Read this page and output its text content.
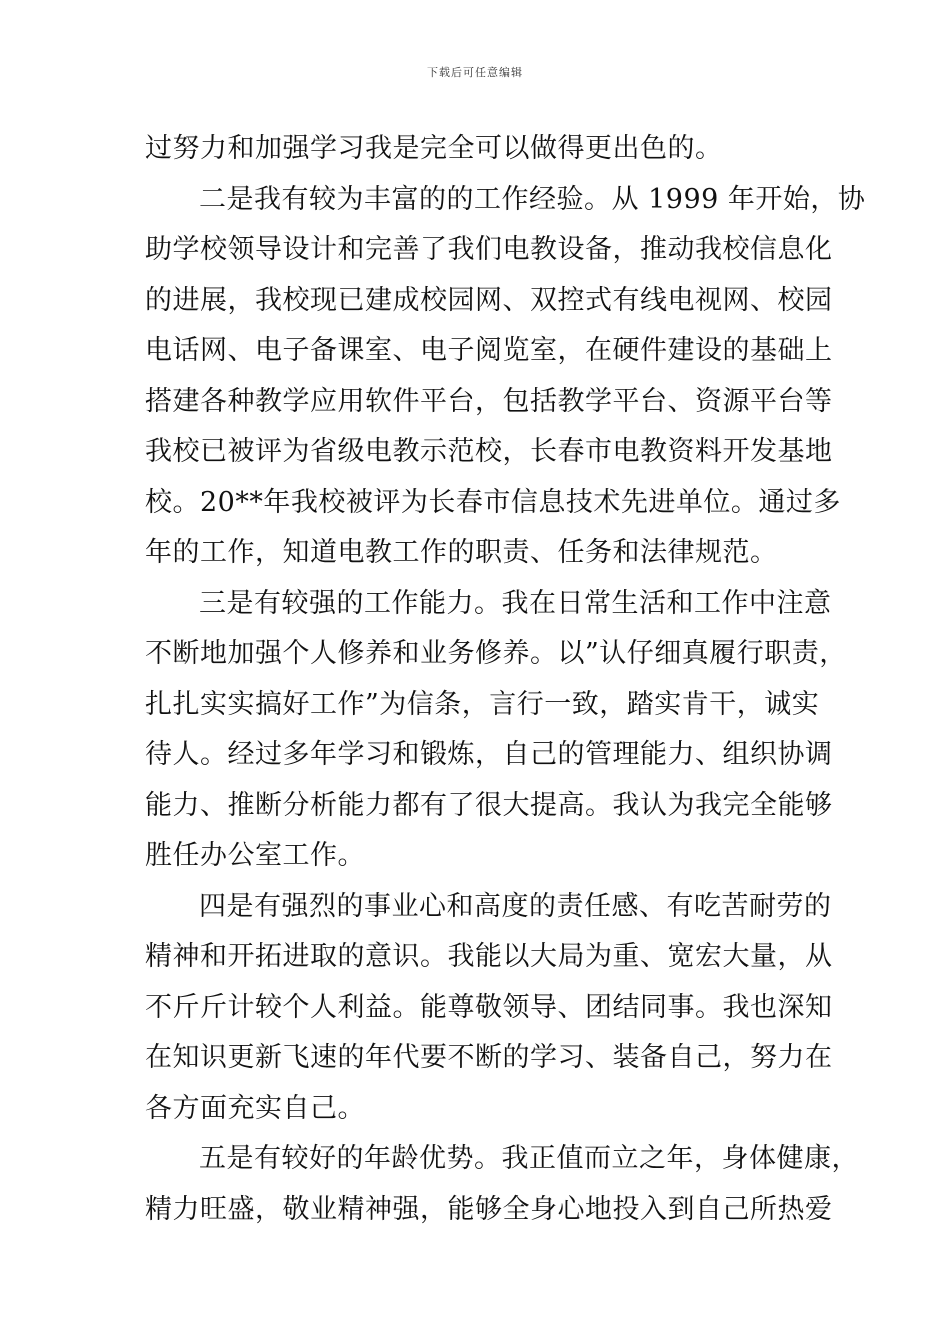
下载后可任意编辑
过努力和加强学习我是完全可以做得更出色的。
二是我有较为丰富的的工作经验。从 1999 年开始，协
助学校领导设计和完善了我们电教设备，推动我校信息化
的进展，我校现已建成校园网、双控式有线电视网、校园
电话网、电子备课室、电子阅览室，在硬件建设的基础上
搭建各种教学应用软件平台，包括教学平台、资源平台等
我校已被评为省级电教示范校，长春市电教资料开发基地
校。20**年我校被评为长春市信息技术先进单位。通过多
年的工作，知道电教工作的职责、任务和法律规范。
三是有较强的工作能力。我在日常生活和工作中注意
不断地加强个人修养和业务修养。以”认仔细真履行职责，
扎扎实实搞好工作”为信条，言行一致，踏实肯干，诚实
待人。经过多年学习和锻炼，自己的管理能力、组织协调
能力、推断分析能力都有了很大提高。我认为我完全能够
胜任办公室工作。
四是有强烈的事业心和高度的责任感、有吃苦耐劳的
精神和开拓进取的意识。我能以大局为重、宽宏大量，从
不斤斤计较个人利益。能尊敬领导、团结同事。我也深知
在知识更新飞速的年代要不断的学习、装备自己，努力在
各方面充实自己。
五是有较好的年龄优势。我正值而立之年，身体健康，
精力旺盛，敬业精神强，能够全身心地投入到自己所热爱
